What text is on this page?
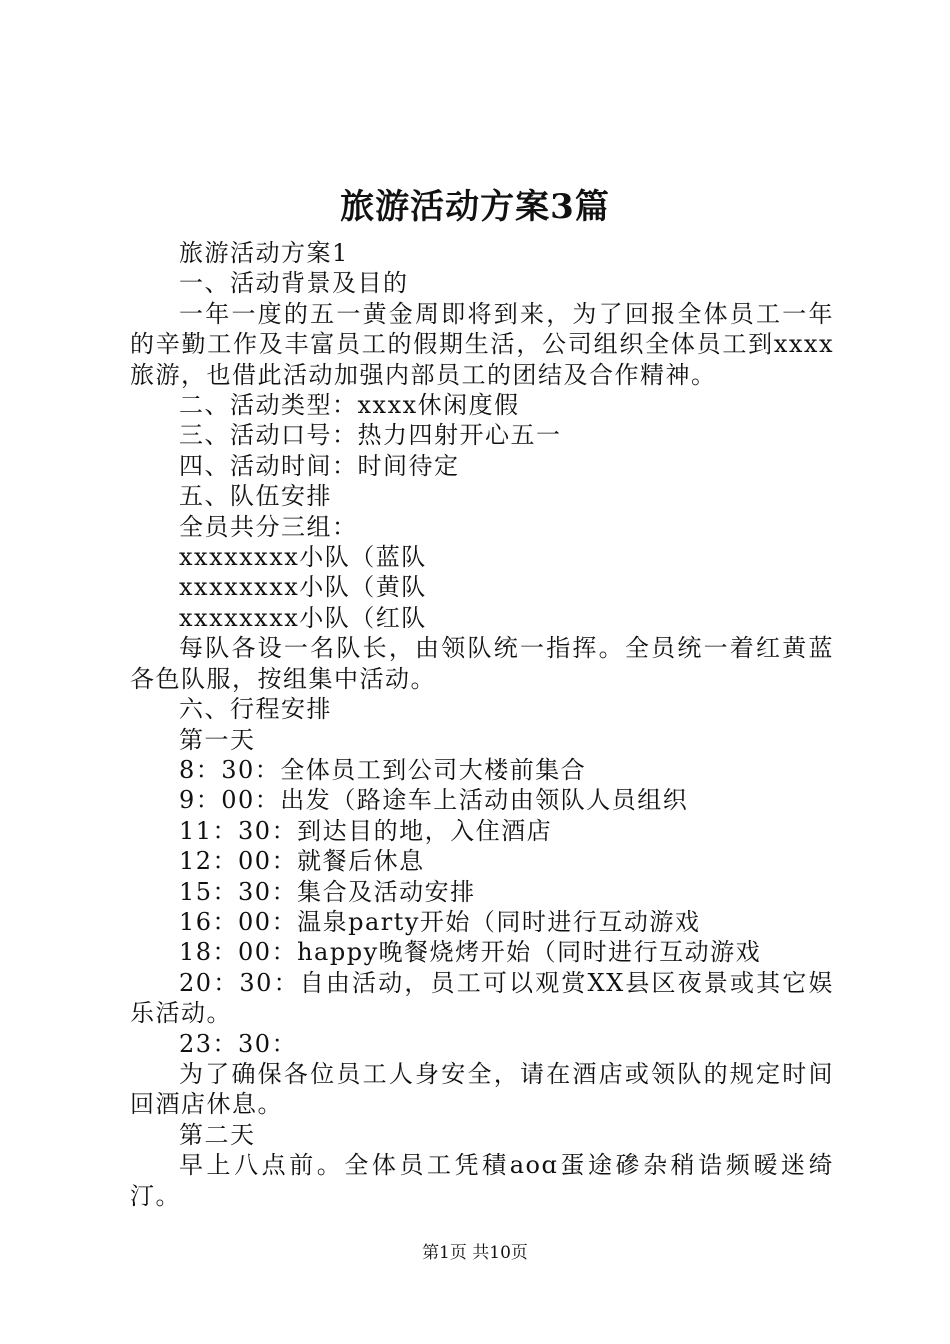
旅游活动方案3篇

旅游活动方案1

一、活动背景及目的

一年一度的五一黄金周即将到来，为了回报全体员工一年的辛勤工作及丰富员工的假期生活，公司组织全体员工到xxxx旅游，也借此活动加强内部员工的团结及合作精神。

二、活动类型：xxxx休闲度假

三、活动口号：热力四射开心五一

四、活动时间：时间待定

五、队伍安排

全员共分三组：

xxxxxxxx小队（蓝队

xxxxxxxx小队（黄队

xxxxxxxx小队（红队

每队各设一名队长，由领队统一指挥。全员统一着红黄蓝各色队服，按组集中活动。

六、行程安排

第一天

8：30：全体员工到公司大楼前集合

9：00：出发（路途车上活动由领队人员组织

11：30：到达目的地，入住酒店

12：00：就餐后休息

15：30：集合及活动安排

16：00：温泉party开始（同时进行互动游戏

18：00：happy晚餐烧烤开始（同时进行互动游戏

20：30：自由活动，员工可以观赏XX县区夜景或其它娱乐活动。

23：30：

为了确保各位员工人身安全，请在酒店或领队的规定时间回酒店休息。

第二天

早上八点前。全体员工凭積aoɑ蛋途磣杂稍诰频暧迷绮汀。

第1页 共10页
